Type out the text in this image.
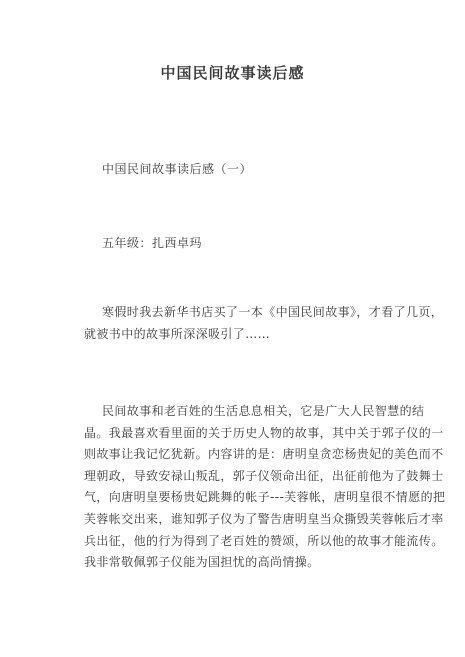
中国民间故事读后感
中国民间故事读后感（一）
五年级：扎西卓玛
寒假时我去新华书店买了一本《中国民间故事》，才看了几页，
就被书中的故事所深深吸引了……
民间故事和老百姓的生活息息相关，它是广大人民智慧的结
晶。我最喜欢看里面的关于历史人物的故事，其中关于郭子仪的一
则故事让我记忆犹新。内容讲的是：唐明皇贪恋杨贵妃的美色而不
理朝政，导致安禄山叛乱，郭子仪领命出征，出征前他为了鼓舞士
气，向唐明皇要杨贵妃跳舞的帐子---芙蓉帐，唐明皇很不情愿的把
芙蓉帐交出来，谁知郭子仪为了警告唐明皇当众撕毁芙蓉帐后才率
兵出征，他的行为得到了老百姓的赞颂，所以他的故事才能流传。
我非常敬佩郭子仪能为国担忧的高尚情操。
